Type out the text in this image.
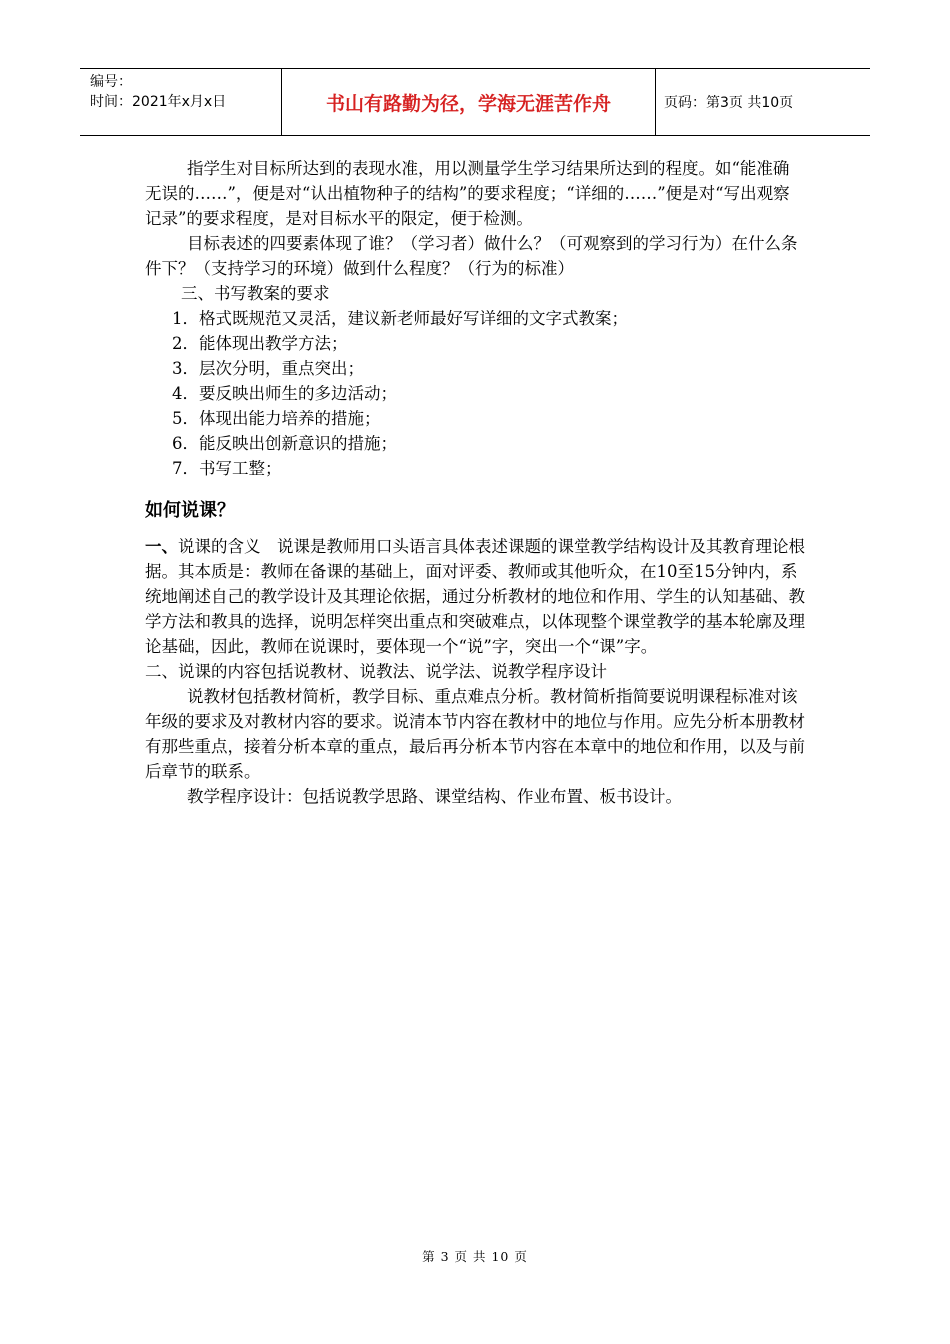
编号：
时间：2021年x月x日	书山有路勤为径，学海无涯苦作舟	页码：第3页 共10页

指学生对目标所达到的表现水准，用以测量学生学习结果所达到的程度。如“能准确无误的……”，便是对“认出植物种子的结构”的要求程度；“详细的……”便是对“写出观察记录”的要求程度，是对目标水平的限定，便于检测。

目标表述的四要素体现了谁？（学习者）做什么？（可观察到的学习行为）在什么条件下？（支持学习的环境）做到什么程度？（行为的标准）

三、书写教案的要求

1．格式既规范又灵活，建议新老师最好写详细的文字式教案；

2．能体现出教学方法；

3．层次分明，重点突出；

4．要反映出师生的多边活动；

5．体现出能力培养的措施；

6．能反映出创新意识的措施；

7．书写工整；

如何说课？

一、说课的含义　说课是教师用口头语言具体表述课题的课堂教学结构设计及其教育理论根据。其本质是：教师在备课的基础上，面对评委、教师或其他听众，在10至15分钟内，系统地阐述自己的教学设计及其理论依据，通过分析教材的地位和作用、学生的认知基础、教学方法和教具的选择，说明怎样突出重点和突破难点，以体现整个课堂教学的基本轮廓及理论基础，因此，教师在说课时，要体现一个“说”字，突出一个“课”字。

二、说课的内容包括说教材、说教法、说学法、说教学程序设计

说教材包括教材简析，教学目标、重点难点分析。教材简析指简要说明课程标准对该年级的要求及对教材内容的要求。说清本节内容在教材中的地位与作用。应先分析本册教材有那些重点，接着分析本章的重点，最后再分析本节内容在本章中的地位和作用，以及与前后章节的联系。

教学程序设计：包括说教学思路、课堂结构、作业布置、板书设计。

第 3 页 共 10 页
